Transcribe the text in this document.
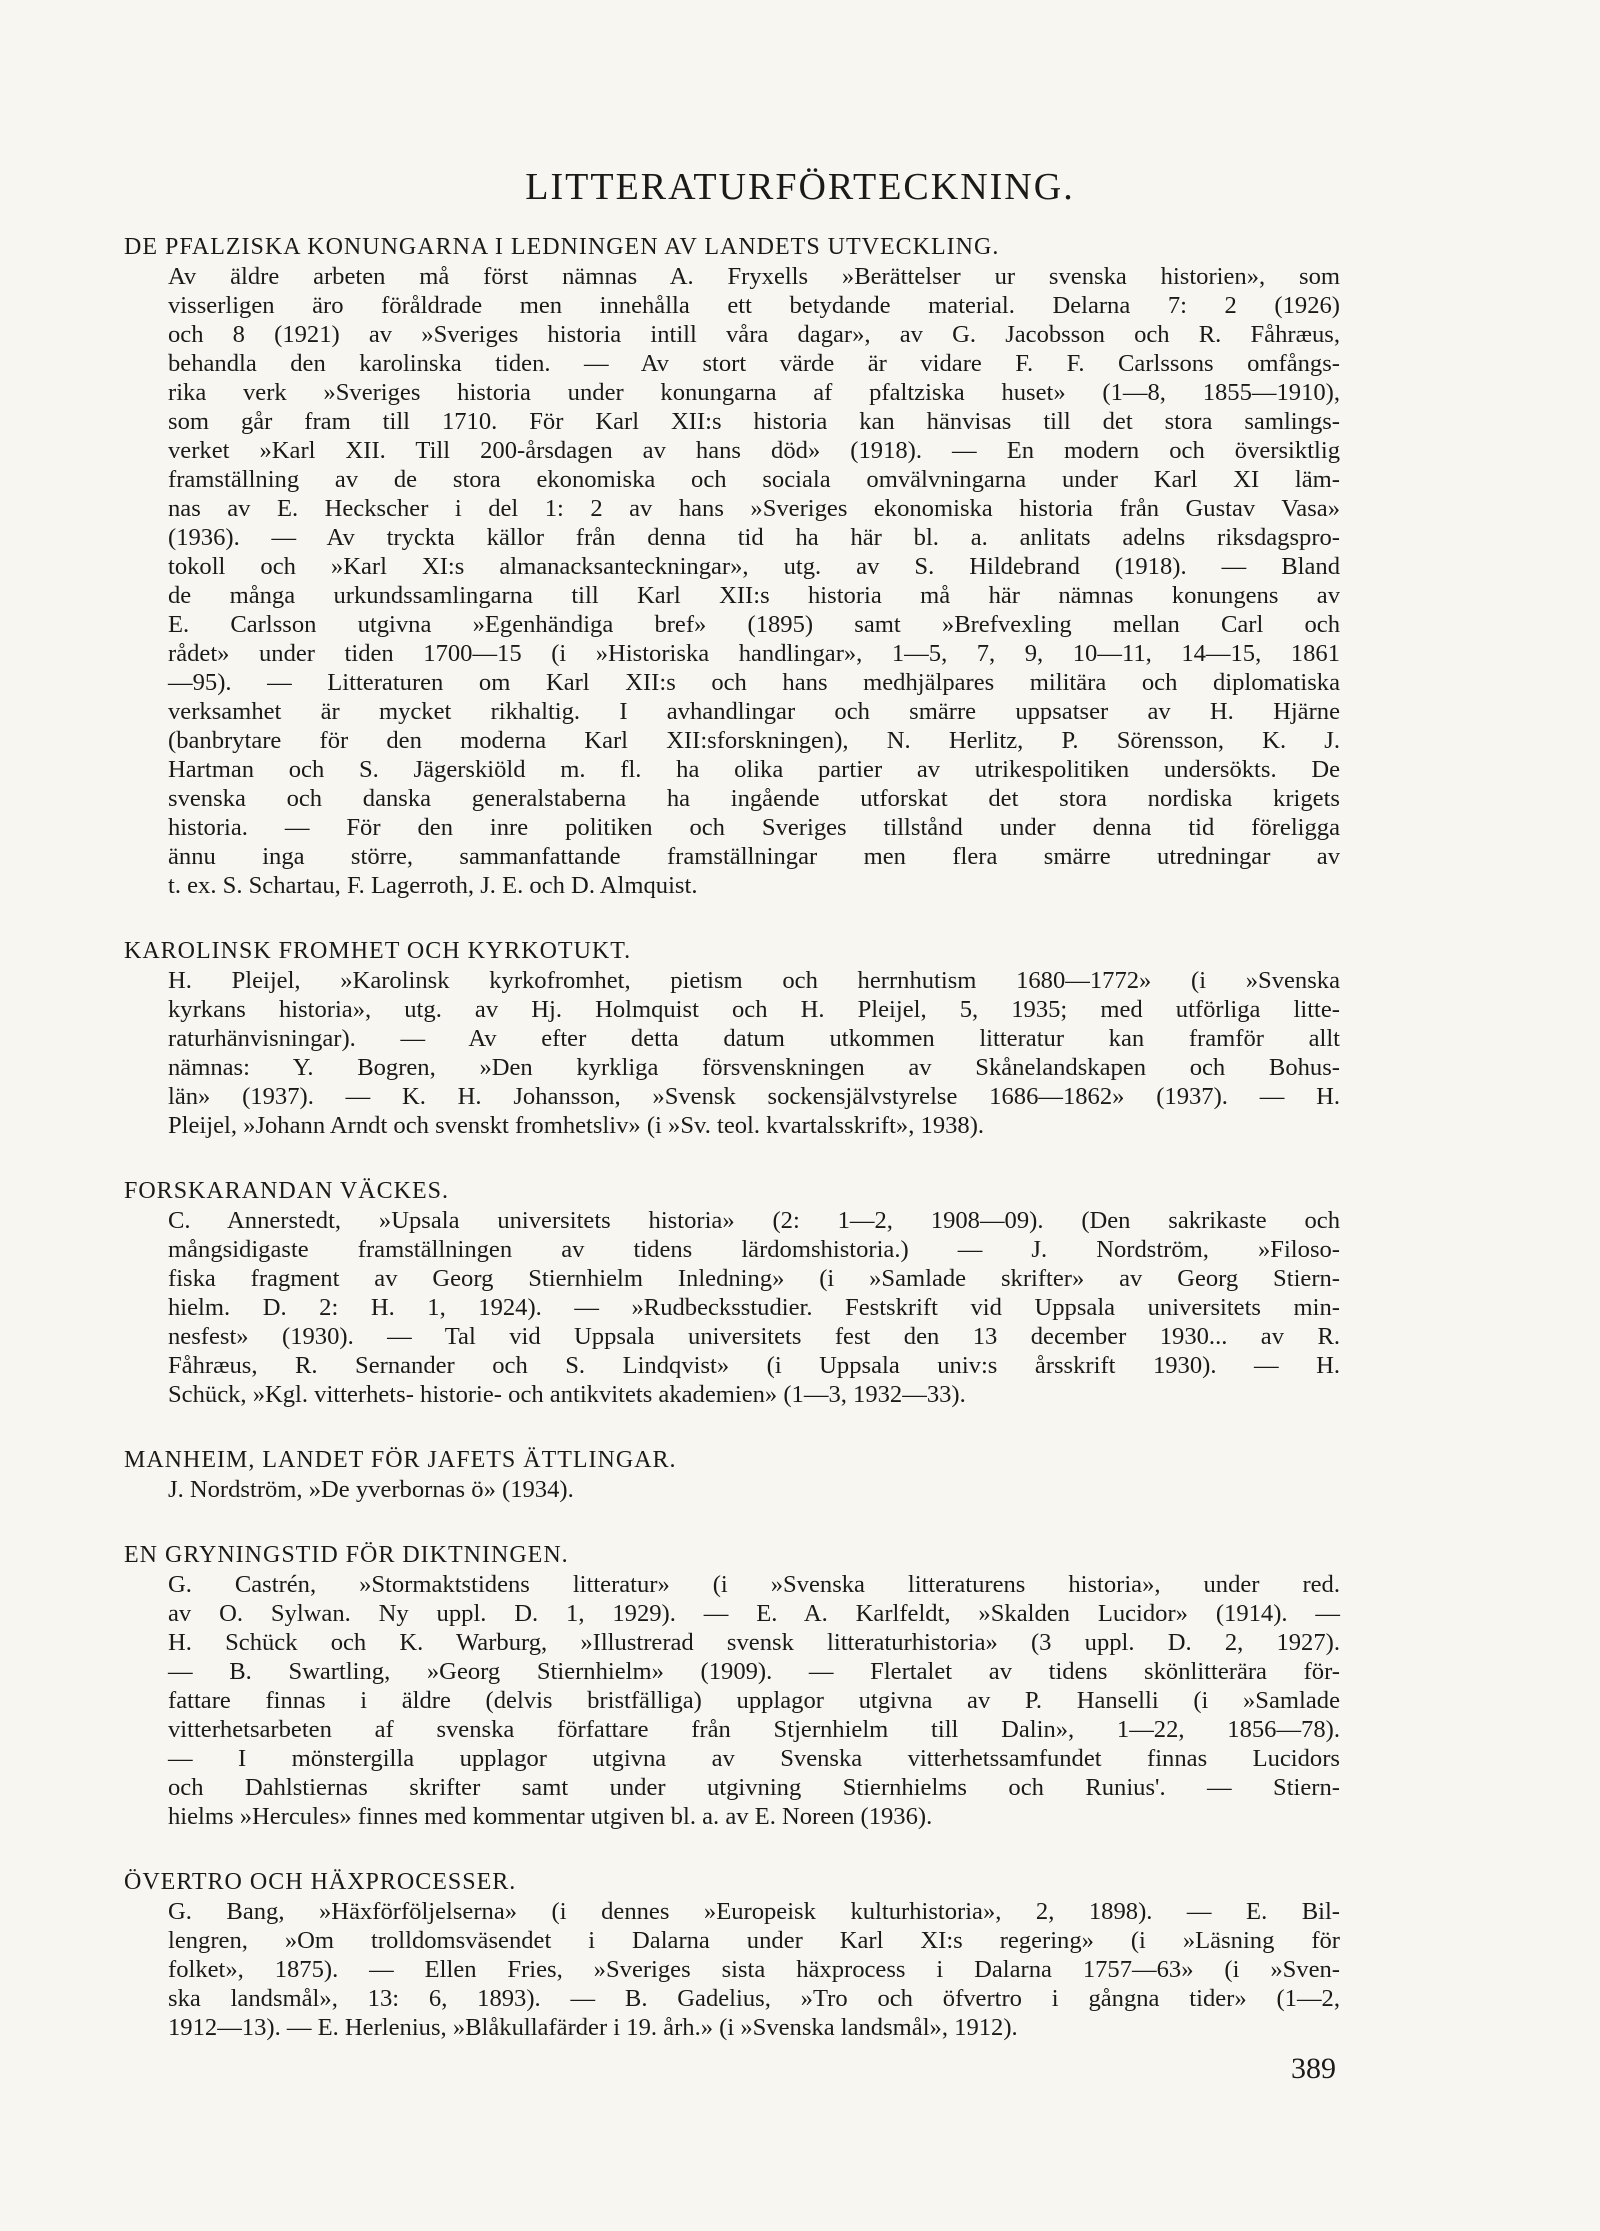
LITTERATURFÖRTECKNING.

DE PFALZISKA KONUNGARNA I LEDNINGEN AV LANDETS UTVECKLING.

Av äldre arbeten må först nämnas A. Fryxells »Berättelser ur svenska historien», som
visserligen äro föråldrade men innehålla ett betydande material. Delarna 7: 2 (1926)
och 8 (1921) av »Sveriges historia intill våra dagar», av G. Jacobsson och R. Fåhræus,
behandla den karolinska tiden. — Av stort värde är vidare F. F. Carlssons omfångs-
rika verk »Sveriges historia under konungarna af pfaltziska huset» (1—8, 1855—1910),
som går fram till 1710. För Karl XII:s historia kan hänvisas till det stora samlings-
verket »Karl XII. Till 200-årsdagen av hans död» (1918). — En modern och översiktlig
framställning av de stora ekonomiska och sociala omvälvningarna under Karl XI läm-
nas av E. Heckscher i del 1: 2 av hans »Sveriges ekonomiska historia från Gustav Vasa»
(1936). — Av tryckta källor från denna tid ha här bl. a. anlitats adelns riksdagspro-
tokoll och »Karl XI:s almanacksanteckningar», utg. av S. Hildebrand (1918). — Bland
de många urkundssamlingarna till Karl XII:s historia må här nämnas konungens av
E. Carlsson utgivna »Egenhändiga bref» (1895) samt »Brefvexling mellan Carl och
rådet» under tiden 1700—15 (i »Historiska handlingar», 1—5, 7, 9, 10—11, 14—15, 1861
—95). — Litteraturen om Karl XII:s och hans medhjälpares militära och diplomatiska
verksamhet är mycket rikhaltig. I avhandlingar och smärre uppsatser av H. Hjärne
(banbrytare för den moderna Karl XII:sforskningen), N. Herlitz, P. Sörensson, K. J.
Hartman och S. Jägerskiöld m. fl. ha olika partier av utrikespolitiken undersökts. De
svenska och danska generalstaberna ha ingående utforskat det stora nordiska krigets
historia. — För den inre politiken och Sveriges tillstånd under denna tid föreligga
ännu inga större, sammanfattande framställningar men flera smärre utredningar av
t. ex. S. Schartau, F. Lagerroth, J. E. och D. Almquist.

KAROLINSK FROMHET OCH KYRKOTUKT.

H. Pleijel, »Karolinsk kyrkofromhet, pietism och herrnhutism 1680—1772» (i »Svenska
kyrkans historia», utg. av Hj. Holmquist och H. Pleijel, 5, 1935; med utförliga litte-
raturhänvisningar). — Av efter detta datum utkommen litteratur kan framför allt
nämnas: Y. Bogren, »Den kyrkliga försvenskningen av Skånelandskapen och Bohus-
län» (1937). — K. H. Johansson, »Svensk sockensjälvstyrelse 1686—1862» (1937). — H.
Pleijel, »Johann Arndt och svenskt fromhetsliv» (i »Sv. teol. kvartalsskrift», 1938).

FORSKARANDAN VÄCKES.

C. Annerstedt, »Upsala universitets historia» (2: 1—2, 1908—09). (Den sakrikaste och
mångsidigaste framställningen av tidens lärdomshistoria.) — J. Nordström, »Filoso-
fiska fragment av Georg Stiernhielm Inledning» (i »Samlade skrifter» av Georg Stiern-
hielm. D. 2: H. 1, 1924). — »Rudbecksstudier. Festskrift vid Uppsala universitets min-
nesfest» (1930). — Tal vid Uppsala universitets fest den 13 december 1930... av R.
Fåhræus, R. Sernander och S. Lindqvist» (i Uppsala univ:s årsskrift 1930). — H.
Schück, »Kgl. vitterhets- historie- och antikvitets akademien» (1—3, 1932—33).

MANHEIM, LANDET FÖR JAFETS ÄTTLINGAR.

J. Nordström, »De yverbornas ö» (1934).

EN GRYNINGSTID FÖR DIKTNINGEN.

G. Castrén, »Stormaktstidens litteratur» (i »Svenska litteraturens historia», under red.
av O. Sylwan. Ny uppl. D. 1, 1929). — E. A. Karlfeldt, »Skalden Lucidor» (1914). —
H. Schück och K. Warburg, »Illustrerad svensk litteraturhistoria» (3 uppl. D. 2, 1927).
— B. Swartling, »Georg Stiernhielm» (1909). — Flertalet av tidens skönlitterära för-
fattare finnas i äldre (delvis bristfälliga) upplagor utgivna av P. Hanselli (i »Samlade
vitterhetsarbeten af svenska författare från Stjernhielm till Dalin», 1—22, 1856—78).
— I mönstergilla upplagor utgivna av Svenska vitterhetssamfundet finnas Lucidors
och Dahlstiernas skrifter samt under utgivning Stiernhielms och Runius'. — Stiern-
hielms »Hercules» finnes med kommentar utgiven bl. a. av E. Noreen (1936).

ÖVERTRO OCH HÄXPROCESSER.

G. Bang, »Häxförföljelserna» (i dennes »Europeisk kulturhistoria», 2, 1898). — E. Bil-
lengren, »Om trolldomsväsendet i Dalarna under Karl XI:s regering» (i »Läsning för
folket», 1875). — Ellen Fries, »Sveriges sista häxprocess i Dalarna 1757—63» (i »Sven-
ska landsmål», 13: 6, 1893). — B. Gadelius, »Tro och öfvertro i gångna tider» (1—2,
1912—13). — E. Herlenius, »Blåkullafärder i 19. årh.» (i »Svenska landsmål», 1912).
389
